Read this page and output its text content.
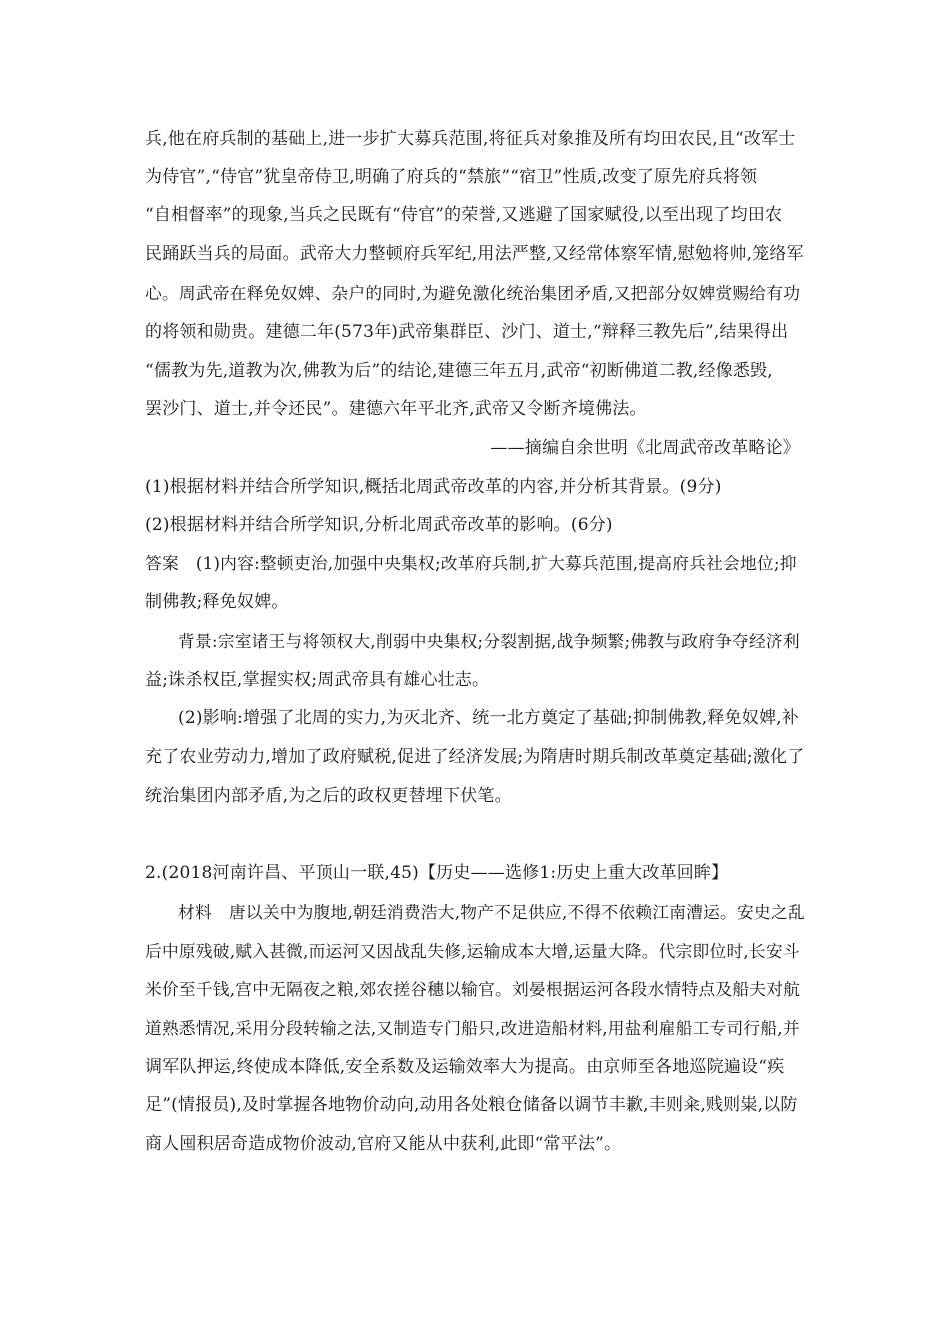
兵,他在府兵制的基础上,进一步扩大募兵范围,将征兵对象推及所有均田农民,且“改军士
为侍官”,“侍官”犹皇帝侍卫,明确了府兵的“禁旅”“宿卫”性质,改变了原先府兵将领
“自相督率”的现象,当兵之民既有“侍官”的荣誉,又逃避了国家赋役,以至出现了均田农
民踊跃当兵的局面。武帝大力整顿府兵军纪,用法严整,又经常体察军情,慰勉将帅,笼络军
心。周武帝在释免奴婢、杂户的同时,为避免激化统治集团矛盾,又把部分奴婢赏赐给有功
的将领和勋贵。建德二年(573年)武帝集群臣、沙门、道士,“辩释三教先后”,结果得出
“儒教为先,道教为次,佛教为后”的结论,建德三年五月,武帝“初断佛道二教,经像悉毁,
罢沙门、道士,并令还民”。建德六年平北齐,武帝又令断齐境佛法。
——摘编自余世明《北周武帝改革略论》
(1)根据材料并结合所学知识,概括北周武帝改革的内容,并分析其背景。(9分)
(2)根据材料并结合所学知识,分析北周武帝改革的影响。(6分)
答案　(1)内容:整顿吏治,加强中央集权;改革府兵制,扩大募兵范围,提高府兵社会地位;抑
制佛教;释免奴婢。
背景:宗室诸王与将领权大,削弱中央集权;分裂割据,战争频繁;佛教与政府争夺经济利
益;诛杀权臣,掌握实权;周武帝具有雄心壮志。
(2)影响:增强了北周的实力,为灭北齐、统一北方奠定了基础;抑制佛教,释免奴婢,补
充了农业劳动力,增加了政府赋税,促进了经济发展;为隋唐时期兵制改革奠定基础;激化了
统治集团内部矛盾,为之后的政权更替埋下伏笔。
2.(2018河南许昌、平顶山一联,45)【历史——选修1:历史上重大改革回眸】
材料　唐以关中为腹地,朝廷消费浩大,物产不足供应,不得不依赖江南漕运。安史之乱
后中原残破,赋入甚微,而运河又因战乱失修,运输成本大增,运量大降。代宗即位时,长安斗
米价至千钱,宫中无隔夜之粮,郊农搓谷穗以输官。刘晏根据运河各段水情特点及船夫对航
道熟悉情况,采用分段转输之法,又制造专门船只,改进造船材料,用盐利雇船工专司行船,并
调军队押运,终使成本降低,安全系数及运输效率大为提高。由京师至各地巡院遍设“疾
足”(情报员),及时掌握各地物价动向,动用各处粮仓储备以调节丰歉,丰则籴,贱则粜,以防
商人囤积居奇造成物价波动,官府又能从中获利,此即“常平法”。
